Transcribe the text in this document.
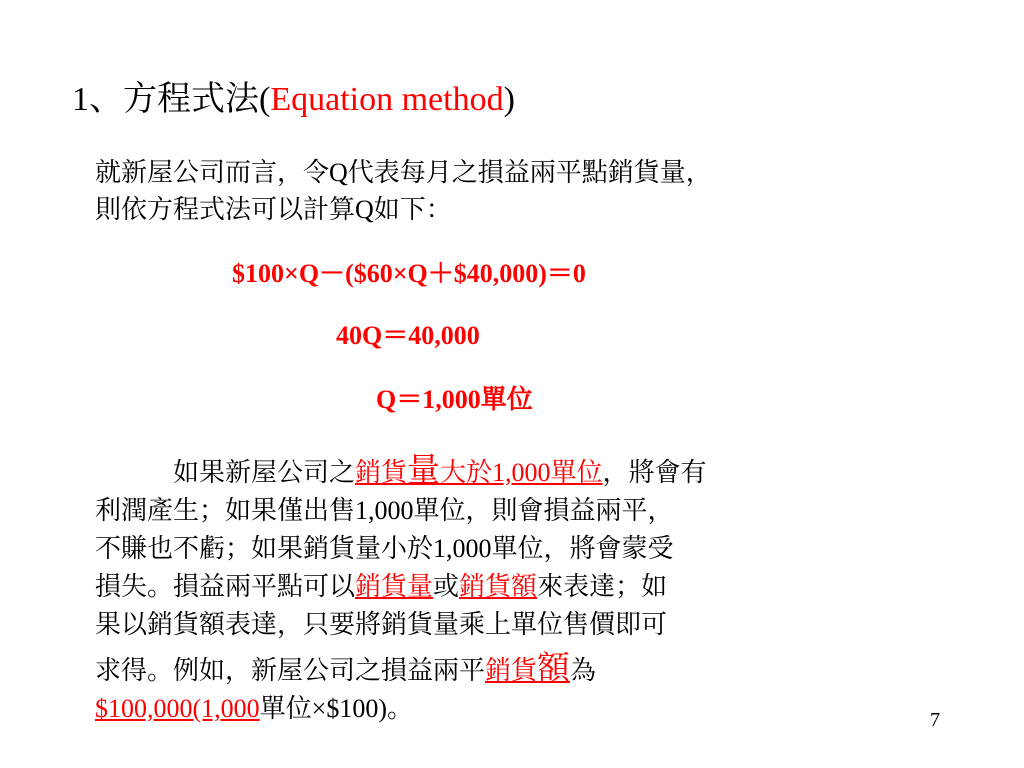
1、方程式法(Equation method)

就新屋公司而言，令Q代表每月之損益兩平點銷貨量，

則依方程式法可以計算Q如下：

$100×Q－($60×Q＋$40,000)＝0
40Q＝40,000
Q＝1,000單位

如果新屋公司之銷貨量大於1,000單位，將會有

利潤產生；如果僅出售1,000單位，則會損益兩平，

不賺也不虧；如果銷貨量小於1,000單位，將會蒙受

損失。損益兩平點可以銷貨量或銷貨額來表達；如

果以銷貨額表達，只要將銷貨量乘上單位售價即可

求得。例如，新屋公司之損益兩平銷貨額為

$100,000(1,000單位×$100)。	7
